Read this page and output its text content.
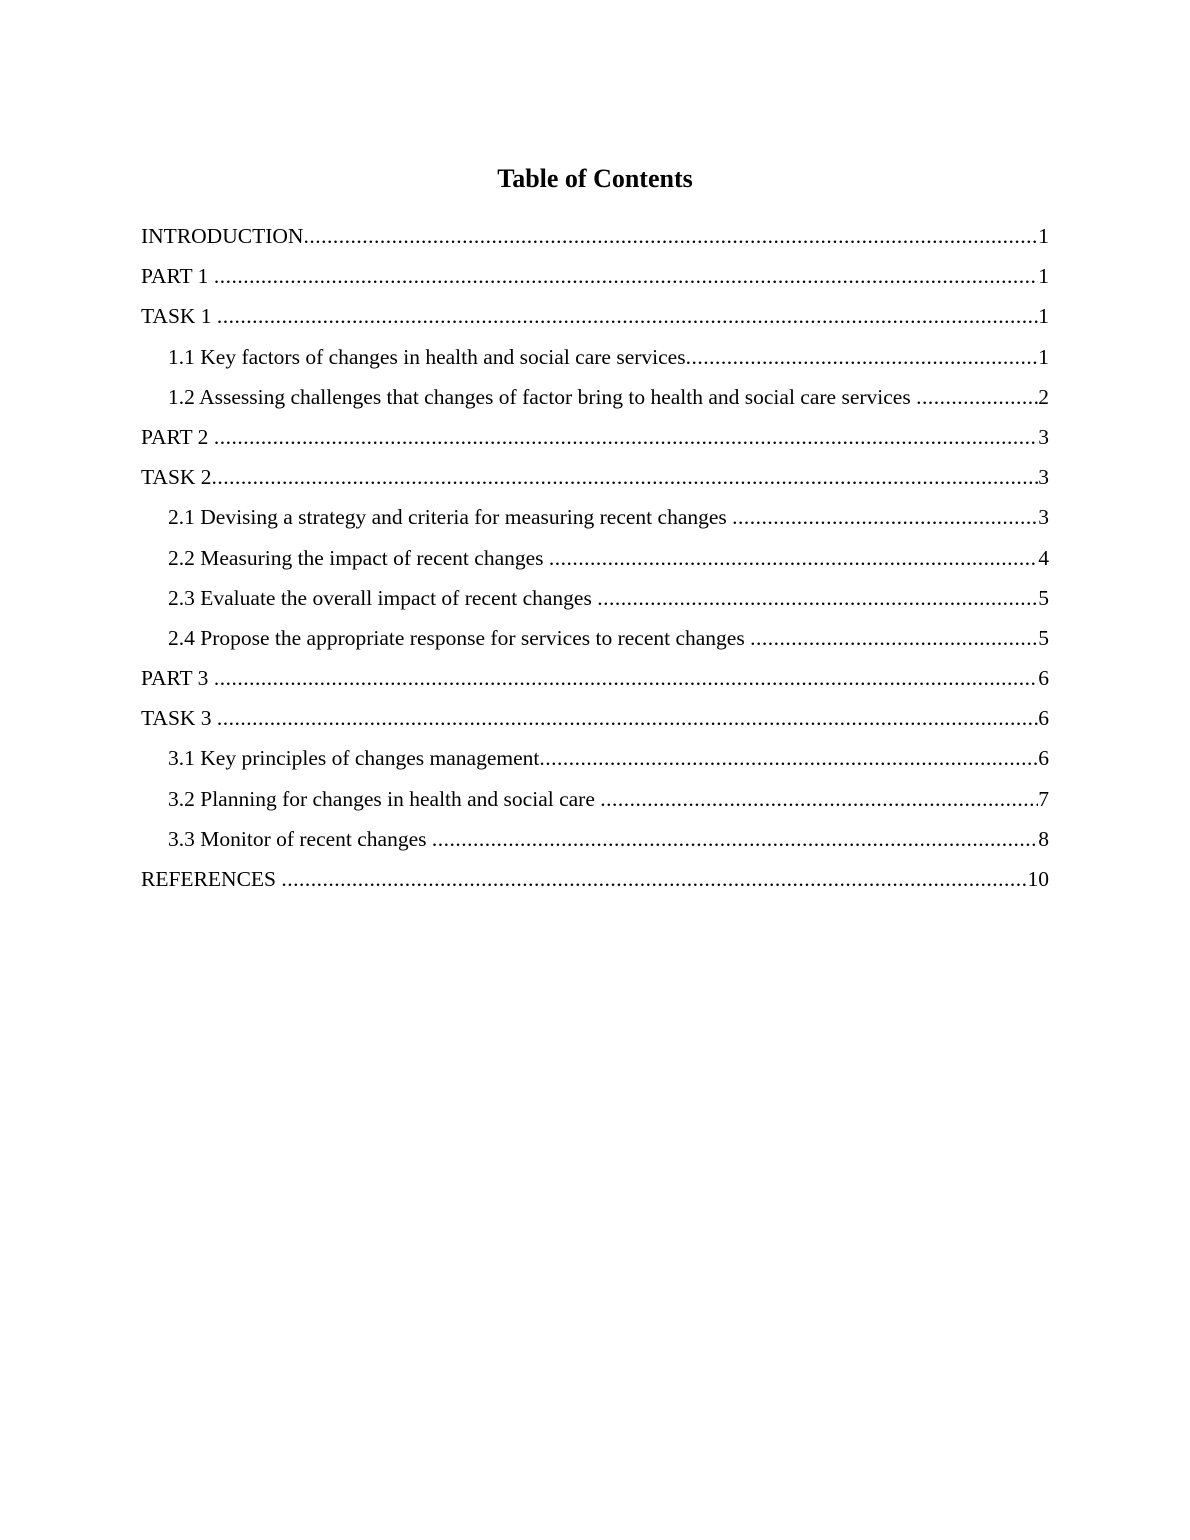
Table of Contents
INTRODUCTION .....	1
PART 1 .....	1
TASK 1 .....	1
1.1 Key factors of changes in health and social care services .....	1
1.2 Assessing challenges that changes of factor bring to health and social care services .....	2
PART 2 .....	3
TASK 2 .....	3
2.1 Devising a strategy and criteria for measuring recent changes .....	3
2.2 Measuring the impact of recent changes .....	4
2.3 Evaluate the overall impact of recent changes .....	5
2.4 Propose the appropriate response for services to recent changes .....	5
PART 3 .....	6
TASK 3 .....	6
3.1 Key principles of changes management .....	6
3.2 Planning for changes in health and social care .....	7
3.3 Monitor of recent changes .....	8
REFERENCES .....	10
